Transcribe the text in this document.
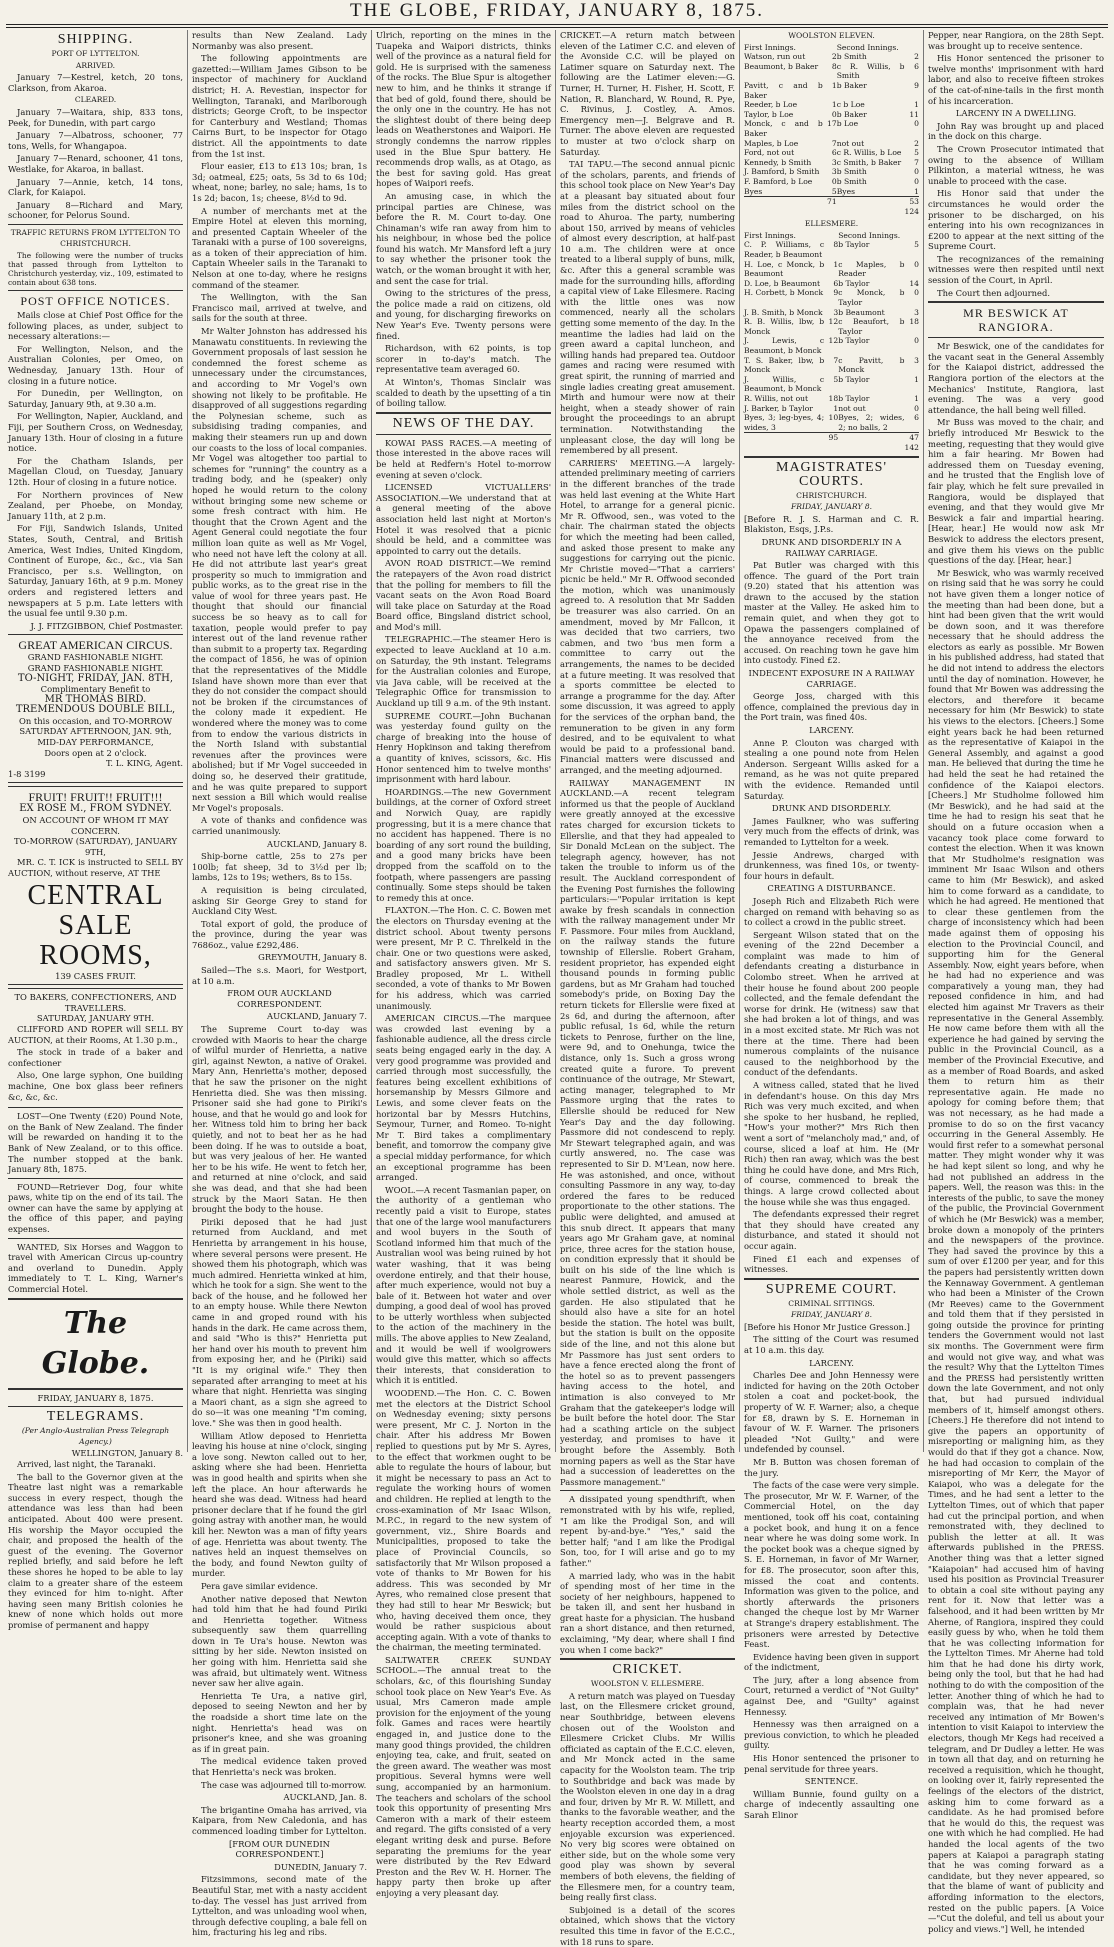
THE GLOBE, FRIDAY, JANUARY 8, 1875.
SHIPPING.
PORT OF LYTTELTON.
ARRIVED.

January 7—Kestrel, ketch, 20 tons, Clarkson, from Akaroa.

CLEARED.

January 7—Waitara, ship, 833 tons, Peek, for Dunedin, with part cargo

January 7—Albatross, schooner, 77 tons, Wells, for Whangapoa.

January 7—Renard, schooner, 41 tons, Westlake, for Akaroa, in ballast.

January 7—Annie, ketch, 14 tons, Clark, for Kaiapoi.

January 8—Richard and Mary, schooner, for Pelorus Sound.

TRAFFIC RETURNS FROM LYTTELTON TO CHRISTCHURCH.

The following were the number of trucks that passed through from Lyttelton to Christchurch yesterday, viz., 109, estimated to contain about 638 tons.

POST OFFICE NOTICES.

Mails close at Chief Post Office for the following places, as under, subject to necessary alterations:—

For Wellington, Nelson, and the Australian Colonies, per Omeo, on Wednesday, January 13th. Hour of closing in a future notice.

For Dunedin, per Wellington, on Saturday, January 9th, at 9.30 a.m.

For Wellington, Napier, Auckland, and Fiji, per Southern Cross, on Wednesday, January 13th. Hour of closing in a future notice.

For the Chatham Islands, per Magellan Cloud, on Tuesday, January 12th. Hour of closing in a future notice.

For Northern provinces of New Zealand, per Phoebe, on Monday, January 11th, at 2 p.m.

For Fiji, Sandwich Islands, United States, South, Central, and British America, West Indies, United Kingdom, Continent of Europe, &c., &c., via San Francisco, per s.s. Wellington, on Saturday, January 16th, at 9 p.m. Money orders and registered letters and newspapers at 5 p.m. Late letters with the usual fee until 9.30 p.m.

J. J. FITZGIBBON, Chief Postmaster.

GREAT AMERICAN CIRCUS.
GRAND FASHIONABLE NIGHT.
GRAND FASHIONABLE NIGHT.
TO-NIGHT, FRIDAY, JAN. 8TH,
Complimentary Benefit to
MR THOMAS BIRD.
TREMENDOUS DOUBLE BILL,
On this occasion, and TO-MORROW SATURDAY AFTERNOON, JAN. 9th, MID-DAY PERFORMANCE,
Doors open at 2 o'clock.
T. L. KING, Agent.
1-8 3199
FRUIT! FRUIT!! FRUIT!!!
EX ROSE M., FROM SYDNEY.
ON ACCOUNT OF WHOM IT MAY CONCERN.
TO-MORROW (SATURDAY), JANUARY 9TH,

MR. C. T. ICK is instructed to SELL BY AUCTION, without reserve, AT THE

CENTRAL SALE ROOMS,
139 CASES FRUIT.
TO BAKERS, CONFECTIONERS, AND TRAVELLERS.
SATURDAY, JANUARY 9TH.

CLIFFORD AND ROPER will SELL BY AUCTION, at their Rooms, At 1.30 p.m.,

The stock in trade of a baker and confectioner

Also, One large syphon, One building machine, One box glass beer refiners &c, &c, &c.

LOST—One Twenty (£20) Pound Note, on the Bank of New Zealand. The finder will be rewarded on handing it to the Bank of New Zealand, or to this office. The number stopped at the bank. January 8th, 1875.

FOUND—Retriever Dog, four white paws, white tip on the end of its tail. The owner can have the same by applying at the office of this paper, and paying expenses.

WANTED, Six Horses and Waggon to travel with American Circus up-country and overland to Dunedin. Apply immediately to T. L. King, Warner's Commercial Hotel.

The Globe.
FRIDAY, JANUARY 8, 1875.
TELEGRAMS.
(Per Anglo-Australian Press Telegraph Agency.)
WELLINGTON, January 8.

Arrived, last night, the Taranaki.

The ball to the Governor given at the Theatre last night was a remarkable success in every respect, though the attendance was less than had been anticipated. About 400 were present. His worship the Mayor occupied the chair, and proposed the health of the guest of the evening. The Governor replied briefly, and said before he left these shores he hoped to be able to lay claim to a greater share of the esteem they evinced for him to-night. After having seen many British colonies he knew of none which holds out more promise of permanent and happy

results than New Zealand. Lady Normanby was also present.

The following appointments are gazetted:—William James Gibson to be inspector of machinery for Auckland district; H. A. Revestian, inspector for Wellington, Taranaki, and Marlborough districts; George Croft, to be inspector for Canterbury and Westland; Thomas Cairns Burt, to be inspector for Otago district. All the appointments to date from the 1st inst.

Flour easier, £13 to £13 10s; bran, 1s 3d; oatmeal, £25; oats, 5s 3d to 6s 10d; wheat, none; barley, no sale; hams, 1s to 1s 2d; bacon, 1s; cheese, 8½d to 9d.

A number of merchants met at the Empire Hotel at eleven this morning, and presented Captain Wheeler of the Taranaki with a purse of 100 sovereigns, as a token of their appreciation of him. Captain Wheeler sails in the Taranaki to Nelson at one to-day, where he resigns command of the steamer.

The Wellington, with the San Francisco mail, arrived at twelve, and sails for the south at three.

Mr Walter Johnston has addressed his Manawatu constituents. In reviewing the Government proposals of last session he condemned the forest scheme as unnecessary under the circumstances, and according to Mr Vogel's own showing not likely to be profitable. He disapproved of all suggestions regarding the Polynesian scheme, such as subsidising trading companies, and making their steamers run up and down our coasts to the loss of local companies. Mr Vogel was altogether too partial to schemes for "running" the country as a trading body, and he (speaker) only hoped he would return to the colony without bringing some new scheme or some fresh contract with him. He thought that the Crown Agent and the Agent General could negotiate the four million loan quite as well as Mr Vogel, who need not have left the colony at all. He did not attribute last year's great prosperity so much to immigration and public works, as to the great rise in the value of wool for three years past. He thought that should our financial success be so heavy as to call for taxation, people would prefer to pay interest out of the land revenue rather than submit to a property tax. Regarding the compact of 1856, he was of opinion that the representatives of the Middle Island have shown more than ever that they do not consider the compact should not be broken if the circumstances of the colony made it expedient. He wondered where the money was to come from to endow the various districts in the North Island with substantial revenues after the provinces were abolished; but if Mr Vogel succeeded in doing so, he deserved their gratitude, and he was quite prepared to support next session a Bill which would realise Mr Vogel's proposals.

A vote of thanks and confidence was carried unanimously.

AUCKLAND, January 8.

Ship-borne cattle, 25s to 27s per 100lb; fat sheep, 3d to 3½d per lb; lambs, 12s to 19s; wethers, 8s to 15s.

A requisition is being circulated, asking Sir George Grey to stand for Auckland City West.

Total export of gold, the produce of the province, during the year was 7686oz., value £292,486.

GREYMOUTH, January 8.

Sailed—The s.s. Maori, for Westport, at 10 a.m.

FROM OUR AUCKLAND CORRESPONDENT.

AUCKLAND, January 7.

The Supreme Court to-day was crowded with Maoris to hear the charge of wilful murder of Henrietta, a native girl, against Newton, a native of Orakei. Mary Ann, Henrietta's mother, deposed that he saw the prisoner on the night Henrietta died. She was then missing. Prisoner said she had gone to Piriki's house, and that he would go and look for her. Witness told him to bring her back quietly, and not to beat her as he had been doing. If he was to outside a boat, but was very jealous of her. He wanted her to be his wife. He went to fetch her, and returned at nine o'clock, and said she was dead, and that she had been struck by the Maori Satan. He then brought the body to the house.

Piriki deposed that he had just returned from Auckland, and met Henrietta by arrangement in his house, where several persons were present. He showed them his photograph, which was much admired. Henrietta winked at him, which he took for a sign. She went to the back of the house, and he followed her to an empty house. While there Newton came in and groped round with his hands in the dark. He came across them, and said "Who is this?" Henrietta put her hand over his mouth to prevent him from exposing her, and he (Piriki) said "It is my original wife." They then separated after arranging to meet at his whare that night. Henrietta was singing a Maori chant, as a sign she agreed to do so—it was one meaning "I'm coming, love." She was then in good health.

William Atlow deposed to Henrietta leaving his house at nine o'clock, singing a love song. Newton called out to her, asking where she had been. Henrietta was in good health and spirits when she left the place. An hour afterwards he heard she was dead. Witness had heard prisoner declare that if he found the girl going astray with another man, he would kill her. Newton was a man of fifty years of age. Henrietta was about twenty. The natives held an inquest themselves on the body, and found Newton guilty of murder.

Pera gave similar evidence.

Another native deposed that Newton had told him that he had found Piriki and Henrietta together. Witness subsequently saw them quarrelling down in Te Ura's house. Newton was sitting by her side. Newton insisted on her going with him. Henrietta said she was afraid, but ultimately went. Witness never saw her alive again.

Henrietta Te Ura, a native girl, deposed to seeing Newton and her by the roadside a short time late on the night. Henrietta's head was on prisoner's knee, and she was groaning as if in great pain.

The medical evidence taken proved that Henrietta's neck was broken.

The case was adjourned till to-morrow.

AUCKLAND, Jan. 8.

The brigantine Omaha has arrived, via Kaipara, from New Caledonia, and has commenced loading timber for Lyttelton.

[FROM OUR DUNEDIN CORRESPONDENT.]

DUNEDIN, January 7.

Fitzsimmons, second mate of the Beautiful Star, met with a nasty accident to-day. The vessel has just arrived from Lyttelton, and was unloading wool when, through defective coupling, a bale fell on him, fracturing his leg and ribs.

Ulrich, reporting on the mines in the Tuapeka and Waipori districts, thinks well of the province as a natural field for gold. He is surprised with the sameness of the rocks. The Blue Spur is altogether new to him, and he thinks it strange if that bed of gold, found there, should be the only one in the country. He has not the slightest doubt of there being deep leads on Weatherstones and Waipori. He strongly condemns the narrow ripples used in the Blue Spur battery. He recommends drop walls, as at Otago, as the best for saving gold. Has great hopes of Waipori reefs.

An amusing case, in which the principal parties are Chinese, was before the R. M. Court to-day. One Chinaman's wife ran away from him to his neighbour, in whose bed the police found his watch. Mr Mansford left a jury to say whether the prisoner took the watch, or the woman brought it with her, and sent the case for trial.

Owing to the strictures of the press, the police made a raid on citizens, old and young, for discharging fireworks on New Year's Eve. Twenty persons were fined.

Richardson, with 62 points, is top scorer in to-day's match. The representative team averaged 60.

At Winton's, Thomas Sinclair was scalded to death by the upsetting of a tin of boiling tallow.

NEWS OF THE DAY.

KOWAI PASS RACES.—A meeting of those interested in the above races will be held at Redfern's Hotel to-morrow evening at seven o'clock.

LICENSED VICTUALLERS' ASSOCIATION.—We understand that at a general meeting of the above association held last night at Morton's Hotel it was resolved that a picnic should be held, and a committee was appointed to carry out the details.

AVON ROAD DISTRICT.—We remind the ratepayers of the Avon road district that the polling for members to fill the vacant seats on the Avon Road Board will take place on Saturday at the Road Board office, Bingsland district school, and Mod's mill.

TELEGRAPHIC.—The steamer Hero is expected to leave Auckland at 10 a.m. on Saturday, the 9th instant. Telegrams for the Australian colonies and Europe, via Java cable, will be received at the Telegraphic Office for transmission to Auckland up till 9 a.m. of the 9th instant.

SUPREME COURT.—John Buchanan was yesterday found guilty on the charge of breaking into the house of Henry Hopkinson and taking therefrom a quantity of knives, scissors, &c. His Honor sentenced him to twelve months' imprisonment with hard labour.

HOARDINGS.—The new Government buildings, at the corner of Oxford street and Norwich Quay, are rapidly progressing, but it is a mere chance that no accident has happened. There is no boarding of any sort round the building, and a good many bricks have been dropped from the scaffold on to the footpath, where passengers are passing continually. Some steps should be taken to remedy this at once.

FLAXTON.—The Hon. C. C. Bowen met the electors on Thursday evening at the district school. About twenty persons were present, Mr P. C. Threlkeld in the chair. One or two questions were asked, and satisfactory answers given. Mr S. Bradley proposed, Mr L. Withell seconded, a vote of thanks to Mr Bowen for his address, which was carried unanimously.

AMERICAN CIRCUS.—The marquee was crowded last evening by a fashionable audience, all the dress circle seats being engaged early in the day. A very good programme was provided and carried through most successfully, the features being excellent exhibitions of horsemanship by Messrs Gilmore and Lewis, and some clever feats on the horizontal bar by Messrs Hutchins, Seymour, Turner, and Romeo. To-night Mr T. Bird takes a complimentary benefit, and tomorrow the company give a special midday performance, for which an exceptional programme has been arranged.

WOOL.—A recent Tasmanian paper, on the authority of a gentleman who recently paid a visit to Europe, states that one of the large wool manufacturers and wool buyers in the South of Scotland informed him that much of the Australian wool was being ruined by hot water washing, that it was being overdone entirely, and that their house, after much experience, would not buy a bale of it. Between hot water and over dumping, a good deal of wool has proved to be utterly worthless when subjected to the action of the machinery in the mills. The above applies to New Zealand, and it would be well if woolgrowers would give this matter, which so affects their interests, that consideration to which it is entitled.

WOODEND.—The Hon. C. C. Bowen met the electors at the District School on Wednesday evening; sixty persons were present, Mr C. J. Norton in the chair. After his address Mr Bowen replied to questions put by Mr S. Ayres, to the effect that workmen ought to be able to regulate the hours of labour, but it might be necessary to pass an Act to regulate the working hours of women and children. He replied at length to the cross-examination of Mr Isaac Wilson, M.P.C., in regard to the new system of government, viz., Shire Boards and Municipalities, proposed to take the place of Provincial Councils, so satisfactorily that Mr Wilson proposed a vote of thanks to Mr Bowen for his address. This was seconded by Mr Ayres, who remained close present that they had still to hear Mr Beswick; but who, having deceived them once, they would be rather suspicious about accepting again. With a vote of thanks to the chairman, the meeting terminated.

SALTWATER CREEK SUNDAY SCHOOL.—The annual treat to the scholars, &c, of this flourishing Sunday school took place on New Year's Eve. As usual, Mrs Cameron made ample provision for the enjoyment of the young folk. Games and races were heartily engaged in, and justice done to the many good things provided, the children enjoying tea, cake, and fruit, seated on the green award. The weather was most propitious. Several hymns were well sung, accompanied by an harmonium. The teachers and scholars of the school took this opportunity of presenting Mrs Cameron with a mark of their esteem and regard. The gifts consisted of a very elegant writing desk and purse. Before separating the premiums for the year were distributed by the Rev Edward Preston and the Rev W. H. Horner. The happy party then broke up after enjoying a very pleasant day.

CRICKET.—A return match between eleven of the Latimer C.C. and eleven of the Avonside C.C. will be played on Latimer square on Saturday next. The following are the Latimer eleven:—G. Turner, H. Turner, H. Fisher, H. Scott, F. Nation, R. Blanchard, W. Round, R. Pye, C. Rivinus, J. Costley, A. Amos. Emergency men—J. Belgrave and R. Turner. The above eleven are requested to muster at two o'clock sharp on Saturday.

TAI TAPU.—The second annual picnic of the scholars, parents, and friends of this school took place on New Year's Day at a pleasant bay situated about four miles from the district school on the road to Ahuroa. The party, numbering about 150, arrived by means of vehicles of almost every description, at half-past 10 a.m. The children were at once treated to a liberal supply of buns, milk, &c. After this a general scramble was made for the surrounding hills, affording a capital view of Lake Ellesmere. Racing with the little ones was now commenced, nearly all the scholars getting some memento of the day. In the meantime the ladies had laid on the green award a capital luncheon, and willing hands had prepared tea. Outdoor games and racing were resumed with great spirit, the running of married and single ladies creating great amusement. Mirth and humour were now at their height, when a steady shower of rain brought the proceedings to an abrupt termination. Notwithstanding the unpleasant close, the day will long be remembered by all present.

CARRIERS' MEETING.—A largely-attended preliminary meeting of carriers in the different branches of the trade was held last evening at the White Hart Hotel, to arrange for a general picnic. Mr R. Offwood, sen., was voted to the chair. The chairman stated the objects for which the meeting had been called, and asked those present to make any suggestions for carrying out the picnic. Mr Christie moved—"That a carriers' picnic be held." Mr R. Offwood seconded the motion, which was unanimously agreed to. A resolution that Mr Sadden be treasurer was also carried. On an amendment, moved by Mr Fallcon, it was decided that two carriers, two cabmen, and two 'bus men form a committee to carry out the arrangements, the names to be decided at a future meeting. It was resolved that a sports committee be elected to arrange a programme for the day. After some discussion, it was agreed to apply for the services of the orphan band, the remuneration to be given in any form desired, and to be equivalent to what would be paid to a professional band. Financial matters were discussed and arranged, and the meeting adjourned.

RAILWAY MANAGEMENT IN AUCKLAND.—A recent telegram informed us that the people of Auckland were greatly annoyed at the excessive rates charged for excursion tickets to Ellerslie, and that they had appealed to Sir Donald McLean on the subject. The telegraph agency, however, has not taken the trouble to inform us of the result. The Auckland correspondent of the Evening Post furnishes the following particulars:—"Popular irritation is kept awake by fresh scandals in connection with the railway management under Mr F. Passmore. Four miles from Auckland, on the railway stands the future township of Ellerslie. Robert Graham, resident proprietor, has expended eight thousand pounds in forming public gardens, but as Mr Graham had touched somebody's pride, on Boxing Day the return tickets for Ellerslie were fixed at 2s 6d, and during the afternoon, after public refusal, 1s 6d, while the return tickets to Penrose, further on the line, were 9d, and to Onehunga, twice the distance, only 1s. Such a gross wrong created quite a furore. To prevent continuance of the outrage, Mr Stewart, acting manager, telegraphed to Mr Passmore urging that the rates to Ellerslie should be reduced for New Year's Day and the day following. Passmore did not condescend to reply. Mr Stewart telegraphed again, and was curtly answered, no. The case was represented to Sir D. M'Lean, now here. He was astonished, and once, without consulting Passmore in any way, to-day ordered the fares to be reduced proportionate to the other stations. The public were delighted, and amused at this snub direct. It appears that many years ago Mr Graham gave, at nominal price, three acres for the station house, on condition expressly that it should be built on his side of the line which is nearest Panmure, Howick, and the whole settled district, as well as the garden. He also stipulated that he should also have a site for an hotel beside the station. The hotel was built, but the station is built on the opposite side of the line, and not this alone but Mr Passmore has just sent orders to have a fence erected along the front of the hotel so as to prevent passengers having access to the hotel, and intimation is also conveyed to Mr Graham that the gatekeeper's lodge will be built before the hotel door. The Star had a scathing article on the subject yesterday, and promises to have it brought before the Assembly. Both morning papers as well as the Star have had a succession of leaderettes on the Passmore management."

A dissipated young spendthrift, when remonstrated with by his wife, replied, "I am like the Prodigal Son, and will repent by-and-bye." "Yes," said the better half; "and I am like the Prodigal Son, too, for I will arise and go to my father."

A married lady, who was in the habit of spending most of her time in the society of her neighbours, happened to be taken ill, and sent her husband in great haste for a physician. The husband ran a short distance, and then returned, exclaiming, "My dear, where shall I find you when I come back?"

CRICKET.
WOOLSTON V. ELLESMERE.

A return match was played on Tuesday last, on the Ellesmere cricket ground, near Southbridge, between elevens chosen out of the Woolston and Ellesmere Cricket Clubs. Mr Willis officiated as captain of the E.C.C. eleven, and Mr Monck acted in the same capacity for the Woolston team. The trip to Southbridge and back was made by the Woolston eleven in one day in a drag and four, driven by Mr R. W. Millett, and thanks to the favorable weather, and the hearty reception accorded them, a most enjoyable excursion was experienced. No very big scores were obtained on either side, but on the whole some very good play was shown by several members of both elevens, the fielding of the Ellesmere men, for a country team, being really first class.

Subjoined is a detail of the scores obtained, which shows that the victory resulted this time in favor of the E.C.C., with 18 runs to spare.

WOOLSTON ELEVEN.
First Innings.		Second Innings.	
Watson, run out	2	b Smith	2
Beaumont, b Baker	8	c R. Willis, b Smith	6
Pavitt, c and b Baker	1	b Baker	9
Reeder, b Loe	1	c b Loe	1
Taylor, b Loe	0	b Baker	11
Monck, c and b Baker	17	b Loe	0
Maples, b Loe	7	not out	2
Ford, not out	6	c R. Willis, b Loe	5
Kennedy, b Smith	3	c Smith, b Baker	7
J. Bamford, b Smith	3	b Smith	0
F. Bamford, b Loe	0	b Smith	0
Byes	5	Byes	1
	71		53
			124
ELLESMERE.
First Innings.		Second Innings.	
C. P. Williams, c Reader, b Beaumont	8	b Taylor	5
H. Loe, c Monck, b Beaumont	1	c Maples, b Reader	0
D. Loe, b Beaumont	6	b Taylor	14
H. Corbett, b Monck	9	c Monck, b Taylor	0
J. B. Smith, b Monck	3	b Beaumont	3
R. B. Willis, lbw, b Monck	12	c Beaufort, b Taylor	18
J. Lewis, c Beaumont, b Monck	12	b Taylor	0
T. S. Baker, lbw, b Monck	7	c Pavitt, b Monck	3
J. Willis, c Beaumont, b Monck	5	b Taylor	1
R. Willis, not out	18	b Taylor	1
J. Barker, b Taylor	1	not out	0
Byes, 3; leg-byes, 4; wides, 3	10	Byes, 2; wides, 2; no balls, 2	6
	95		47
			142
MAGISTRATES' COURTS.
CHRISTCHURCH.
FRIDAY, JANUARY 8.

[Before R. J. S. Harman and C. R. Blakiston, Esqs, J.P.s.

DRUNK AND DISORDERLY IN A RAILWAY CARRIAGE.

Pat Butler was charged with this offence. The guard of the Port train (9.20) stated that his attention was drawn to the accused by the station master at the Valley. He asked him to remain quiet, and when they got to Opawa the passengers complained of the annoyance received from the accused. On reaching town he gave him into custody. Fined £2.

INDECENT EXPOSURE IN A RAILWAY CARRIAGE.

George Joss, charged with this offence, complained the previous day in the Port train, was fined 40s.

LARCENY.

Anne P. Clouton was charged with stealing a one pound note from Helen Anderson. Sergeant Willis asked for a remand, as he was not quite prepared with the evidence. Remanded until Saturday.

DRUNK AND DISORDERLY.

James Faulkner, who was suffering very much from the effects of drink, was remanded to Lyttelton for a week.

Jessie Andrews, charged with drunkenness, was fined 10s, or twenty-four hours in default.

CREATING A DISTURBANCE.

Joseph Rich and Elizabeth Rich were charged on remand with behaving so as to collect a crowd in the public street.

Sergeant Wilson stated that on the evening of the 22nd December a complaint was made to him of defendants creating a disturbance in Colombo street. When he arrived at their house he found about 200 people collected, and the female defendant the worse for drink. He (witness) saw that she had broken a lot of things, and was in a most excited state. Mr Rich was not there at the time. There had been numerous complaints of the nuisance caused to the neighborhood by the conduct of the defendants.

A witness called, stated that he lived in defendant's house. On this day Mrs Rich was very much excited, and when she spoke to her husband, he replied, "How's your mother?" Mrs Rich then went a sort of "melancholy mad," and, of course, sliced a loaf at him. He (Mr Rich) then ran away, which was the best thing he could have done, and Mrs Rich, of course, commenced to break the things. A large crowd collected about the house while she was thus engaged.

The defendants expressed their regret that they should have created any disturbance, and stated it should not occur again.

Fined £1 each and expenses of witnesses.

SUPREME COURT.
CRIMINAL SITTINGS.
FRIDAY, JANUARY 8.

[Before his Honor Mr Justice Gresson.]

The sitting of the Court was resumed at 10 a.m. this day.

LARCENY.

Charles Dee and John Hennessy were indicted for having on the 20th October stolen a coat and pocket-book, the property of W. F. Warner; also, a cheque for £8, drawn by S. E. Horneman in favour of W. F. Warner. The prisoners pleaded "Not Guilty," and were undefended by counsel.

Mr B. Button was chosen foreman of the jury.

The facts of the case were very simple. The prosecutor, Mr W. F. Warner, of the Commercial Hotel, on the day mentioned, took off his coat, containing a pocket book, and hung it on a fence near where he was doing some work. In the pocket book was a cheque signed by S. E. Horneman, in favor of Mr Warner, for £8. The prosecutor, soon after this, missed the coat and contents. Information was given to the police, and shortly afterwards the prisoners changed the cheque lost by Mr Warner at Strange's drapery establishment. The prisoners were arrested by Detective Feast.

Evidence having been given in support of the indictment,

The jury, after a long absence from Court, returned a verdict of "Not Guilty" against Dee, and "Guilty" against Hennessy.

Hennessy was then arraigned on a previous conviction, to which he pleaded guilty.

His Honor sentenced the prisoner to penal servitude for three years.

SENTENCE.

William Bunnie, found guilty on a charge of indecently assaulting one Sarah Elinor

Pepper, near Rangiora, on the 28th Sept. was brought up to receive sentence.

His Honor sentenced the prisoner to twelve months' imprisonment with hard labor, and also to receive fifteen strokes of the cat-of-nine-tails in the first month of his incarceration.

LARCENY IN A DWELLING.

John Ray was brought up and placed in the dock on this charge.

The Crown Prosecutor intimated that owing to the absence of William Pilkinton, a material witness, he was unable to proceed with the case.

His Honor said that under the circumstances he would order the prisoner to be discharged, on his entering into his own recognizances in £200 to appear at the next sitting of the Supreme Court.

The recognizances of the remaining witnesses were then respited until next session of the Court, in April.

The Court then adjourned.

MR BESWICK AT RANGIORA.

Mr Beswick, one of the candidates for the vacant seat in the General Assembly for the Kaiapoi district, addressed the Rangiora portion of the electors at the Mechanics' Institute, Rangiora, last evening. The was a very good attendance, the hall being well filled.

Mr Buss was moved to the chair, and briefly introduced Mr Beswick to the meeting, requesting that they would give him a fair hearing. Mr Bowen had addressed them on Tuesday evening, and he trusted that the English love of fair play, which he felt sure prevailed in Rangiora, would be displayed that evening, and that they would give Mr Beswick a fair and impartial hearing. [Hear, hear.] He would now ask Mr Beswick to address the electors present, and give them his views on the public questions of the day. [Hear, hear.]

Mr Beswick, who was warmly received on rising said that he was sorry he could not have given them a longer notice of the meeting than had been done, but a hint had been given that the writ would be down soon, and it was therefore necessary that he should address the electors as early as possible. Mr Bowen in his published address, had stated that he did not intend to address the electors until the day of nomination. However, he found that Mr Bowen was addressing the electors, and therefore it became necessary for him (Mr Beswick) to state his views to the electors. [Cheers.] Some eight years back he had been returned as the representative of Kaiapoi in the General Assembly, and against a good man. He believed that during the time he had held the seat he had retained the confidence of the Kaiapoi electors. [Cheers.] Mr Studholme followed him (Mr Beswick), and he had said at the time he had to resign his seat that he should on a future occasion when a vacancy took place come forward to contest the election. When it was known that Mr Studholme's resignation was imminent Mr Isaac Wilson and others came to him (Mr Beswick), and asked him to come forward as a candidate, to which he had agreed. He mentioned that to clear these gentlemen from the charge of inconsistency which had been made against them of opposing his election to the Provincial Council, and supporting him for the General Assembly. Now, eight years before, when he had had no experience and was comparatively a young man, they had reposed confidence in him, and had elected him against Mr Travers as their representative in the General Assembly. He now came before them with all the experience he had gained by serving the public in the Provincial Council, as a member of the Provincial Executive, and as a member of Road Boards, and asked them to return him as their representative again. He made no apology for coming before them; that was not necessary, as he had made a promise to do so on the first vacancy occurring in the General Assembly. He would first refer to a somewhat personal matter. They might wonder why it was he had kept silent so long, and why he had not published an address in the papers. Well, the reason was this: in the interests of the public, to save the money of the public, the Provincial Government of which he (Mr Beswick) was a member, broke down a monopoly of the printers and the newspapers of the province. They had saved the province by this a sum of over £1200 per year, and for this the papers had persistently written down the Kennaway Government. A gentleman who had been a Minister of the Crown (Mr Reeves) came to the Government and told them that if they persisted in going outside the province for printing tenders the Government would not last six months. The Government were firm and would not give way, and what was the result? Why that the Lyttelton Times and the PRESS had persistently written down the late Government, and not only that, but had pursued individual members of it, himself amongst others. [Cheers.] He therefore did not intend to give the papers an opportunity of misreporting or maligning him, as they would do that if they got a chance. Now, he had had occasion to complain of the misreporting of Mr Kerr, the Mayor of Kaiapoi, who was a delegate for the Times, and he had sent a letter to the Lyttelton Times, out of which that paper had cut the principal portion, and when remonstrated with, they declined to publish the letter at all. It was afterwards published in the PRESS. Another thing was that a letter signed "Kaiapoian" had accused him of having used his position as Provincial Treasurer to obtain a coal site without paying any rent for it. Now that letter was a falsehood, and it had been written by Mr Aherne, of Rangiora, inspired they could easily guess by who, when he told them that he was collecting information for the Lyttelton Times. Mr Aherne had told him that he had done his dirty work, being only the tool, but that he had had nothing to do with the composition of the letter. Another thing of which he had to complain was, that he had never received any intimation of Mr Bowen's intention to visit Kaiapoi to interview the electors, though Mr Kegs had received a telegram, and Dr Dudley a letter. He was in town all that day, and on returning he received a requisition, which he thought, on looking over it, fairly represented the feelings of the electors of the district, asking him to come forward as a candidate. As he had promised before that he would do this, the request was one with which he had complied. He had handed the local agents of the two papers at Kaiapoi a paragraph stating that he was coming forward as a candidate, but they never appeared, so that the blame of want of publicity and affording information to the electors, rested on the public papers. [A Voice—"Cut the doleful, and tell us about your policy and views."] Well, he intended
